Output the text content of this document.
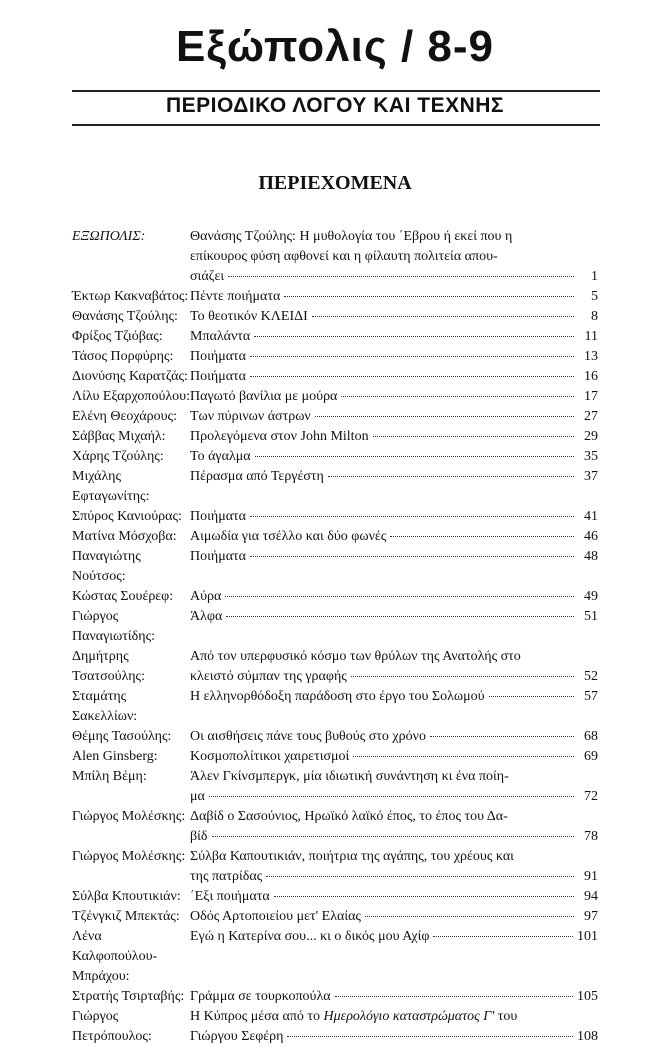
Εξώπολις / 8-9
ΠΕΡΙΟΔΙΚΟ ΛΟΓΟΥ ΚΑΙ ΤΕΧΝΗΣ
ΠΕΡΙΕΧΟΜΕΝΑ
ΕΞΩΠΟΛΙΣ:	Θανάσης Τζούλης: Η μυθολογία του ΄Εβρου ή εκεί που η
επίκουρος φύση αφθονεί και η φίλαυτη πολιτεία απου-
σιάζει	1
Έκτωρ Κακναβάτος: Πέντε ποιήματα	5
Θανάσης Τζούλης: Το θεοτικόν ΚΛΕΙΔΙ	8
Φρίξος Τζιόβας:	Μπαλάντα	11
Τάσος Πορφύρης:	Ποιήματα	13
Διονύσης Καρατζάς: Ποιήματα	16
Λίλυ Εξαρχοπούλου: Παγωτό βανίλια με μούρα	17
Ελένη Θεοχάρους: Των πύρινων άστρων	27
Σάββας Μιχαήλ:	Προλεγόμενα στον John Milton	29
Χάρης Τζούλης:	Το άγαλμα	35
Μιχάλης Εφταγωνίτης:
Πέρασμα από Τεργέστη	37
Σπύρος Κανιούρας: Ποιήματα	41
Ματίνα Μόσχοβα: Αιμωδία για τσέλλο και δύο φωνές	46
Παναγιώτης Νούτσος:
Ποιήματα	48
Κώστας Σουέρεφ:	Αύρα	49
Γιώργος Παναγιωτίδης:
Άλφα	51
Δημήτρης Τσατσούλης:
Από τον υπερφυσικό κόσμο των θρύλων της Ανατολής στο
κλειστό σύμπαν της γραφής	52
Σταμάτης Σακελλίων:
Η ελληνορθόδοξη παράδοση στο έργο του Σολωμού	57
Θέμης Τασούλης:	Οι αισθήσεις πάνε τους βυθούς στο χρόνο	68
Alen Ginsberg:	Κοσμοπολίτικοι χαιρετισμοί	69
Μπίλη Βέμη:	Άλεν Γκίνσμπεργκ, μία ιδιωτική συνάντηση κι ένα ποίη-
μα	72
Γιώργος Μολέσκης: Δαβίδ ο Σασούνιος, Ηρωϊκό λαϊκό έπος, το έπος του Δα-
βίδ	78
Γιώργος Μολέσκης: Σύλβα Καπουτικιάν, ποιήτρια της αγάπης, του χρέους και
της πατρίδας	91
Σύλβα Κπουτικιάν: ΄Εξι ποιήματα	94
Τζένγκιζ Μπεκτάς: Οδός Αρτοποιείου μετ' Ελαίας	97
Λένα Καλφοπούλου-
Μπράχου:
Εγώ η Κατερίνα σου... κι ο δικός μου Αχίφ	101
Στρατής Τσιρταβής: Γράμμα σε τουρκοπούλα	105
Γιώργος Πετρόπουλος:
Η Κύπρος μέσα από το Ημερολόγιο καταστρώματος Γ' του
Γιώργου Σεφέρη	108
